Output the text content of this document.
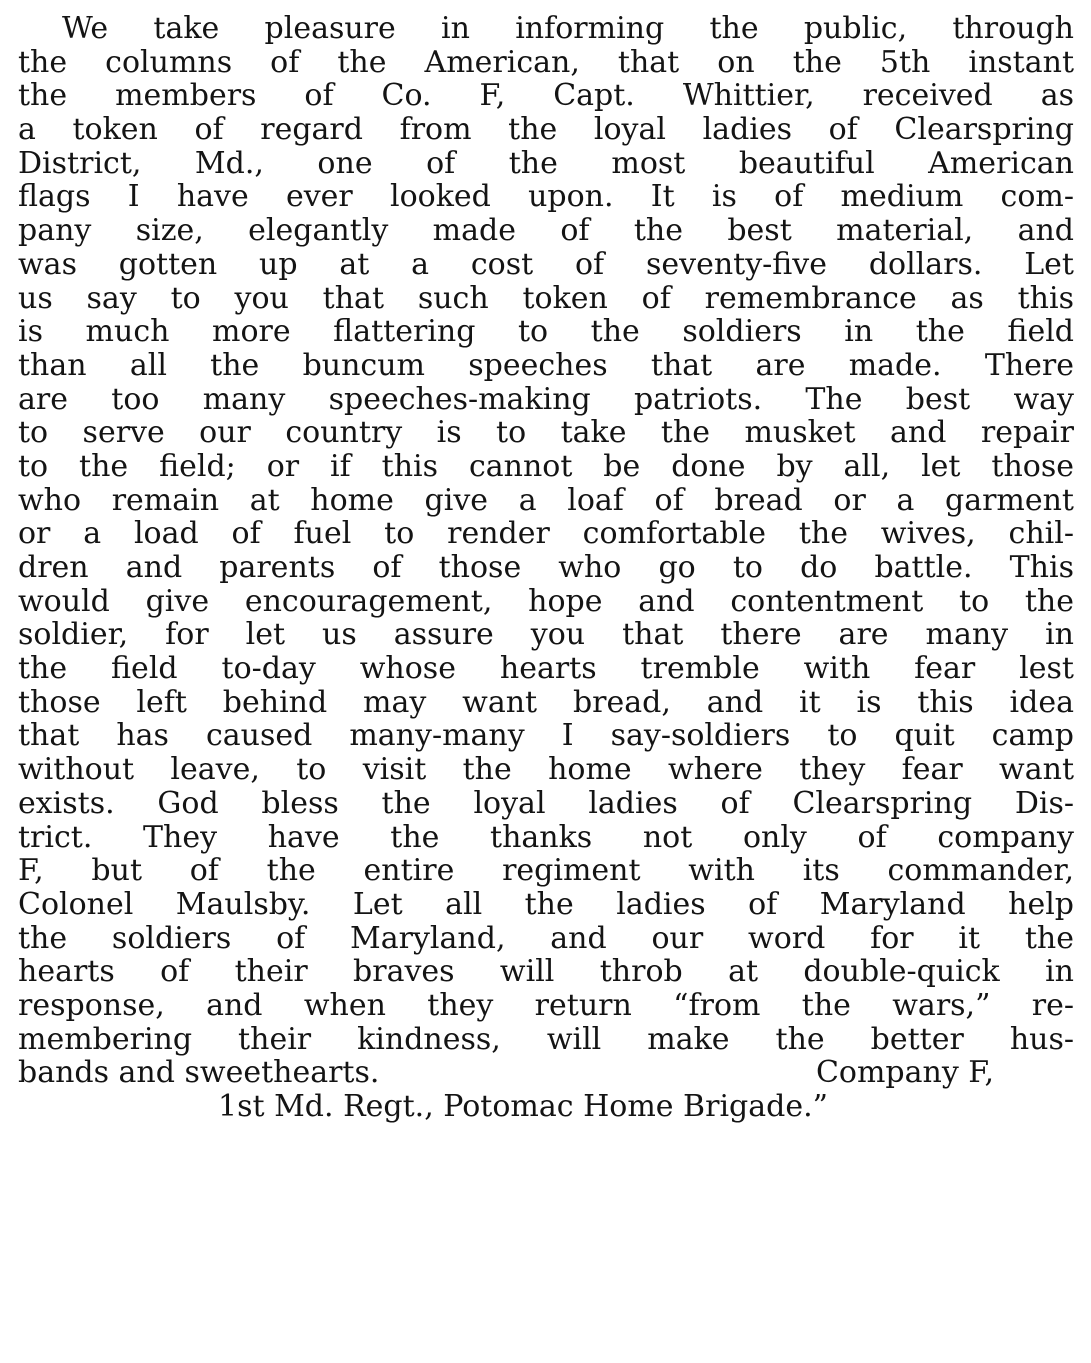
We take pleasure in informing the public, through
the columns of the American, that on the 5th instant
the members of Co. F, Capt. Whittier, received as
a token of regard from the loyal ladies of Clearspring
District, Md., one of the most beautiful American
flags I have ever looked upon. It is of medium com-
pany size, elegantly made of the best material, and
was gotten up at a cost of seventy-five dollars. Let
us say to you that such token of remembrance as this
is much more flattering to the soldiers in the field
than all the buncum speeches that are made. There
are too many speeches-making patriots. The best way
to serve our country is to take the musket and repair
to the field; or if this cannot be done by all, let those
who remain at home give a loaf of bread or a garment
or a load of fuel to render comfortable the wives, chil-
dren and parents of those who go to do battle. This
would give encouragement, hope and contentment to the
soldier, for let us assure you that there are many in
the field to-day whose hearts tremble with fear lest
those left behind may want bread, and it is this idea
that has caused many-many I say-soldiers to quit camp
without leave, to visit the home where they fear want
exists. God bless the loyal ladies of Clearspring Dis-
trict. They have the thanks not only of company
F, but of the entire regiment with its commander,
Colonel Maulsby. Let all the ladies of Maryland help
the soldiers of Maryland, and our word for it the
hearts of their braves will throb at double-quick in
response, and when they return “from the wars,” re-
membering their kindness, will make the better hus-
bands and sweethearts.	Company F,
1st Md. Regt., Potomac Home Brigade.”
